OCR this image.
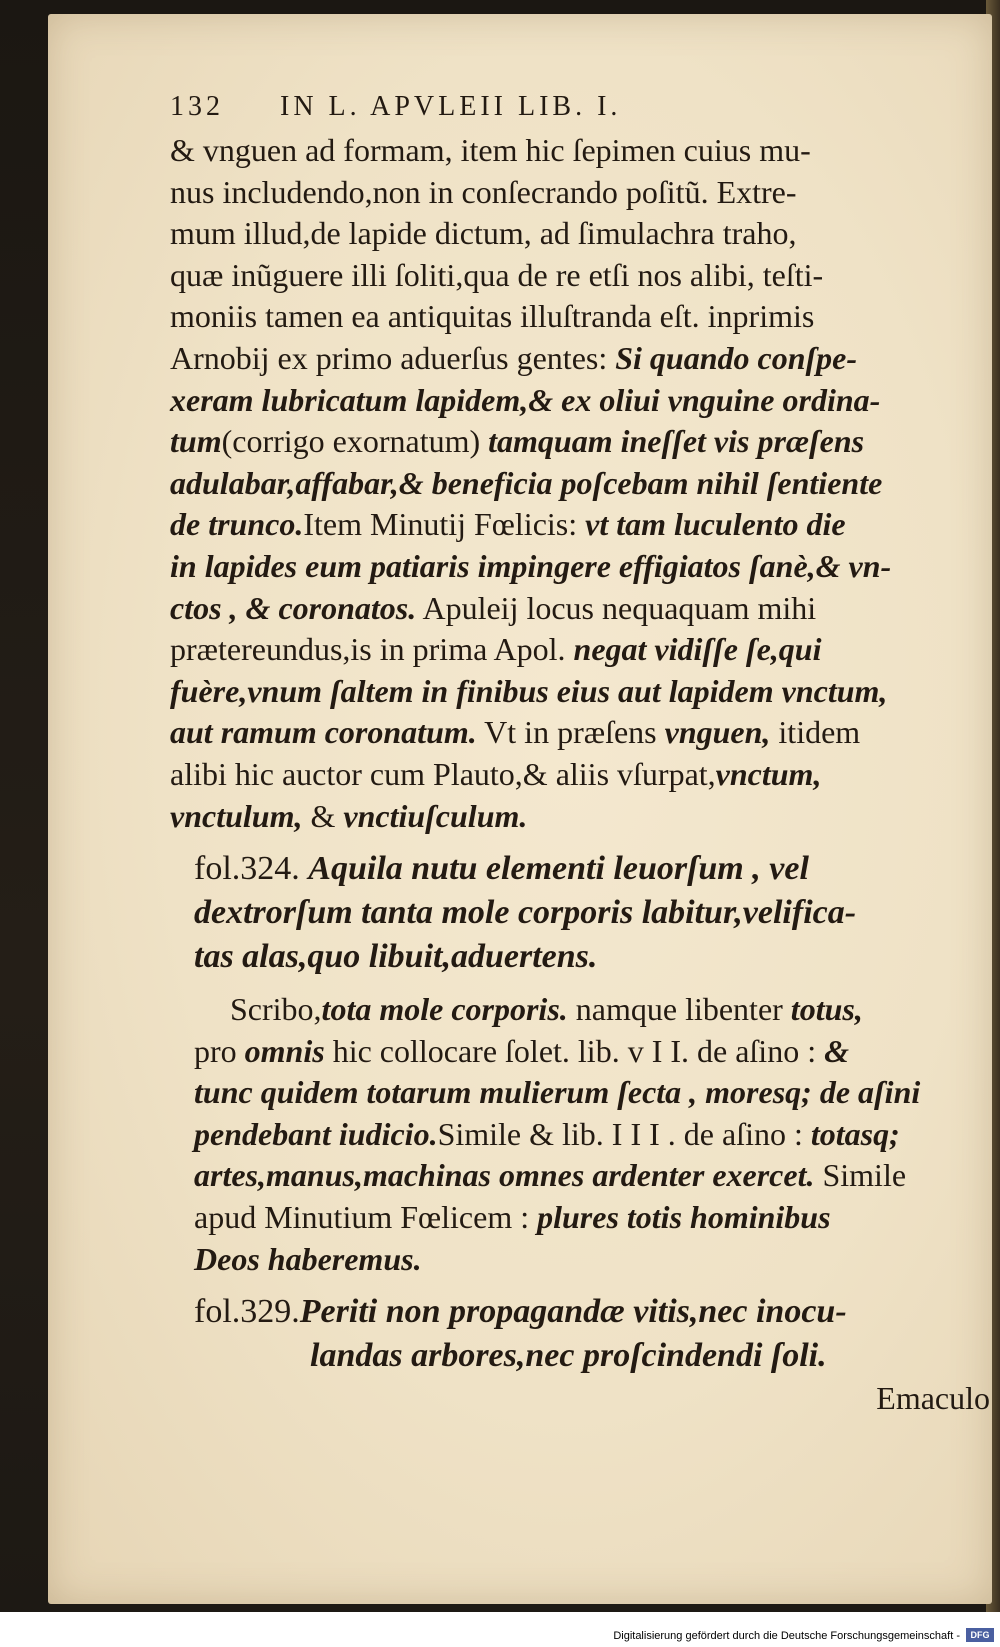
132 IN L. APVLEII LIB. I.
& vnguen ad formam, item hic ſepimen cuius mu-
nus includendo,non in conſecrando poſitũ. Extre-
mum illud,de lapide dictum, ad ſimulachra traho,
quæ inũguere illi ſoliti,qua de re etſi nos alibi, teſti-
moniis tamen ea antiquitas illuſtranda eſt. inprimis
Arnobij ex primo aduerſus gentes: Si quando conſpe-
xeram lubricatum lapidem,& ex oliui vnguine ordina-
tum(corrigo exornatum) tamquam ineſſet vis præſens
adulabar,affabar,& beneficia poſcebam nihil ſentiente
de trunco.Item Minutij Fœlicis: vt tam luculento die
in lapides eum patiaris impingere effigiatos ſanè,& vn-
ctos , & coronatos. Apuleij locus nequaquam mihi
prætereundus,is in prima Apol. negat vidiſſe ſe,qui
fuère,vnum ſaltem in finibus eius aut lapidem vnctum,
aut ramum coronatum. Vt in præſens vnguen, itidem
alibi hic auctor cum Plauto,& aliis vſurpat,vnctum,
vnctulum, & vnctiuſculum.
fol.324. Aquila nutu elementi leuorſum , vel
dextrorſum tanta mole corporis labitur,velifica-
tas alas,quo libuit,aduertens.
Scribo,tota mole corporis. namque libenter totus,
pro omnis hic collocare ſolet. lib. v I I. de aſino : &
tunc quidem totarum mulierum ſecta , moresq; de aſini
pendebant iudicio.Simile & lib. I I I . de aſino : totasq;
artes,manus,machinas omnes ardenter exercet. Simile
apud Minutium Fœlicem : plures totis hominibus
Deos haberemus.
fol.329.Periti non propagandæ vitis,nec inocu-
landas arbores,nec proſcindendi ſoli.
Emaculo
Digitalisierung gefördert durch die Deutsche Forschungsgemeinschaft -	DFG
